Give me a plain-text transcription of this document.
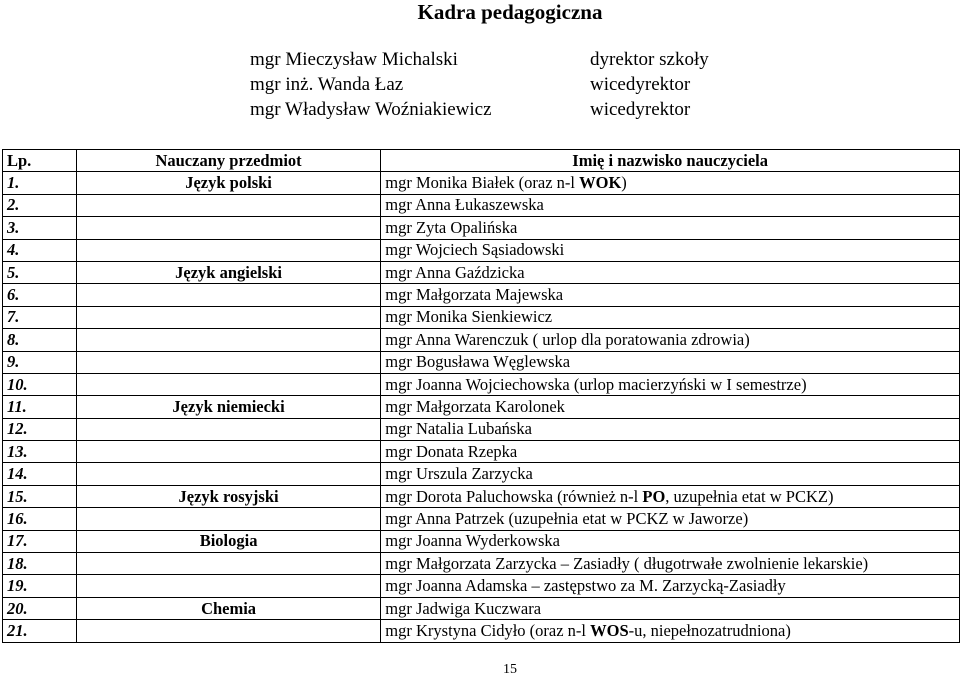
Kadra pedagogiczna
mgr Mieczysław Michalski	dyrektor szkoły
mgr inż. Wanda Łaz	wicedyrektor
mgr Władysław Woźniakiewicz	wicedyrektor
Lp.	Nauczany przedmiot	Imię i nazwisko nauczyciela
1.	Język polski	mgr Monika Białek (oraz n-l WOK)
2.		mgr Anna Łukaszewska
3.		mgr Zyta Opalińska
4.		mgr Wojciech Sąsiadowski
5.	Język angielski	mgr Anna Gaździcka
6.		mgr Małgorzata Majewska
7.		mgr Monika Sienkiewicz
8.		mgr Anna Warenczuk ( urlop dla poratowania zdrowia)
9.		mgr Bogusława Węglewska
10.		mgr Joanna Wojciechowska (urlop macierzyński w I semestrze)
11.	Język niemiecki	mgr Małgorzata Karolonek
12.		mgr Natalia Lubańska
13.		mgr Donata Rzepka
14.		mgr Urszula Zarzycka
15.	Język rosyjski	mgr Dorota Paluchowska (również n-l PO, uzupełnia etat w PCKZ)
16.		mgr Anna Patrzek (uzupełnia etat w PCKZ w Jaworze)
17.	Biologia	mgr Joanna Wyderkowska
18.		mgr Małgorzata Zarzycka – Zasiadły ( długotrwałe zwolnienie lekarskie)
19.		mgr Joanna Adamska – zastępstwo za M. Zarzycką-Zasiadły
20.	Chemia	mgr Jadwiga Kuczwara
21.		mgr Krystyna Cidyło (oraz n-l WOS-u, niepełnozatrudniona)
15
